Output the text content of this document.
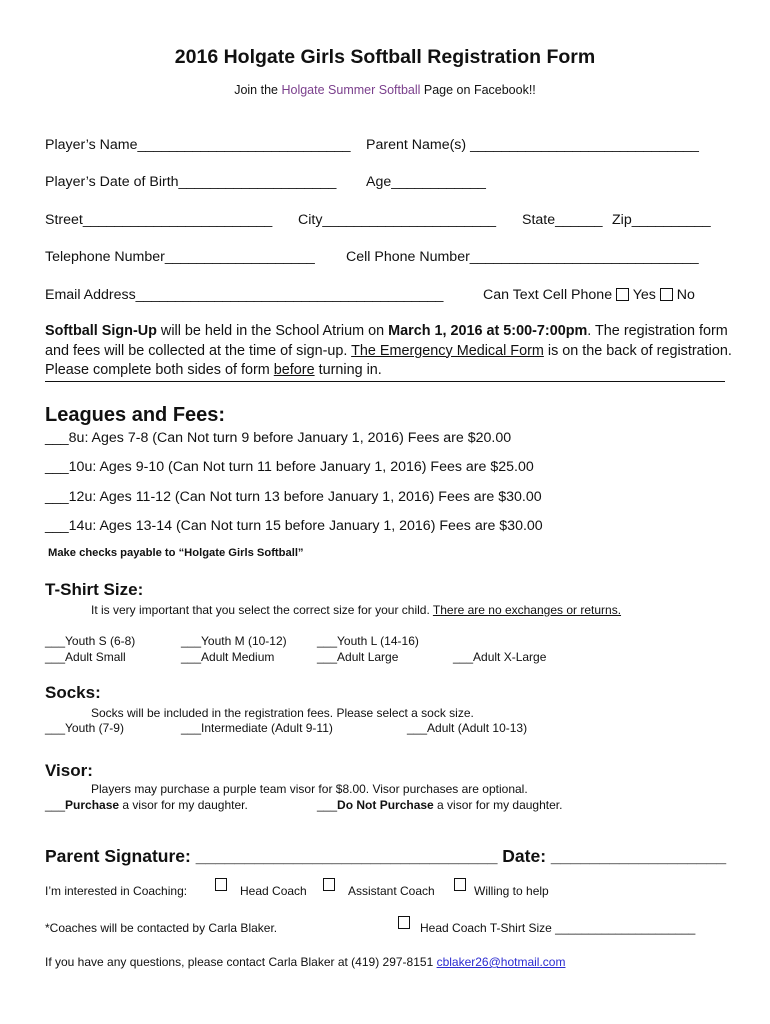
2016 Holgate Girls Softball Registration Form
Join the Holgate Summer Softball Page on Facebook!!
Player’s Name___________________________ Parent Name(s) _____________________________
Player’s Date of Birth____________________ Age____________
Street________________________ City______________________ State______ Zip__________
Telephone Number___________________ Cell Phone Number_____________________________
Email Address_______________________________________	Can Text Cell Phone Yes No
Softball Sign-Up will be held in the School Atrium on March 1, 2016 at 5:00-7:00pm. The registration form and fees will be collected at the time of sign-up. The Emergency Medical Form is on the back of registration. Please complete both sides of form before turning in.
Leagues and Fees:
___8u: Ages 7-8 (Can Not turn 9 before January 1, 2016) Fees are $20.00
___10u: Ages 9-10 (Can Not turn 11 before January 1, 2016) Fees are $25.00
___12u: Ages 11-12 (Can Not turn 13 before January 1, 2016) Fees are $30.00
___14u: Ages 13-14 (Can Not turn 15 before January 1, 2016) Fees are $30.00
Make checks payable to “Holgate Girls Softball”
T-Shirt Size:
It is very important that you select the correct size for your child. There are no exchanges or returns.
___Youth S (6-8)	___Youth M (10-12)	___Youth L (14-16)
___Adult Small	___Adult Medium	___Adult Large	___Adult X-Large
Socks:
Socks will be included in the registration fees. Please select a sock size.
___Youth (7-9)	___Intermediate (Adult 9-11)	___Adult (Adult 10-13)
Visor:
Players may purchase a purple team visor for $8.00. Visor purchases are optional.
___Purchase a visor for my daughter.	___Do Not Purchase a visor for my daughter.
Parent Signature: _______________________________ Date: __________________
I’m interested in Coaching:	Head Coach	Assistant Coach	Willing to help
*Coaches will be contacted by Carla Blaker.	Head Coach T-Shirt Size _____________________
If you have any questions, please contact Carla Blaker at (419) 297-8151 cblaker26@hotmail.com
